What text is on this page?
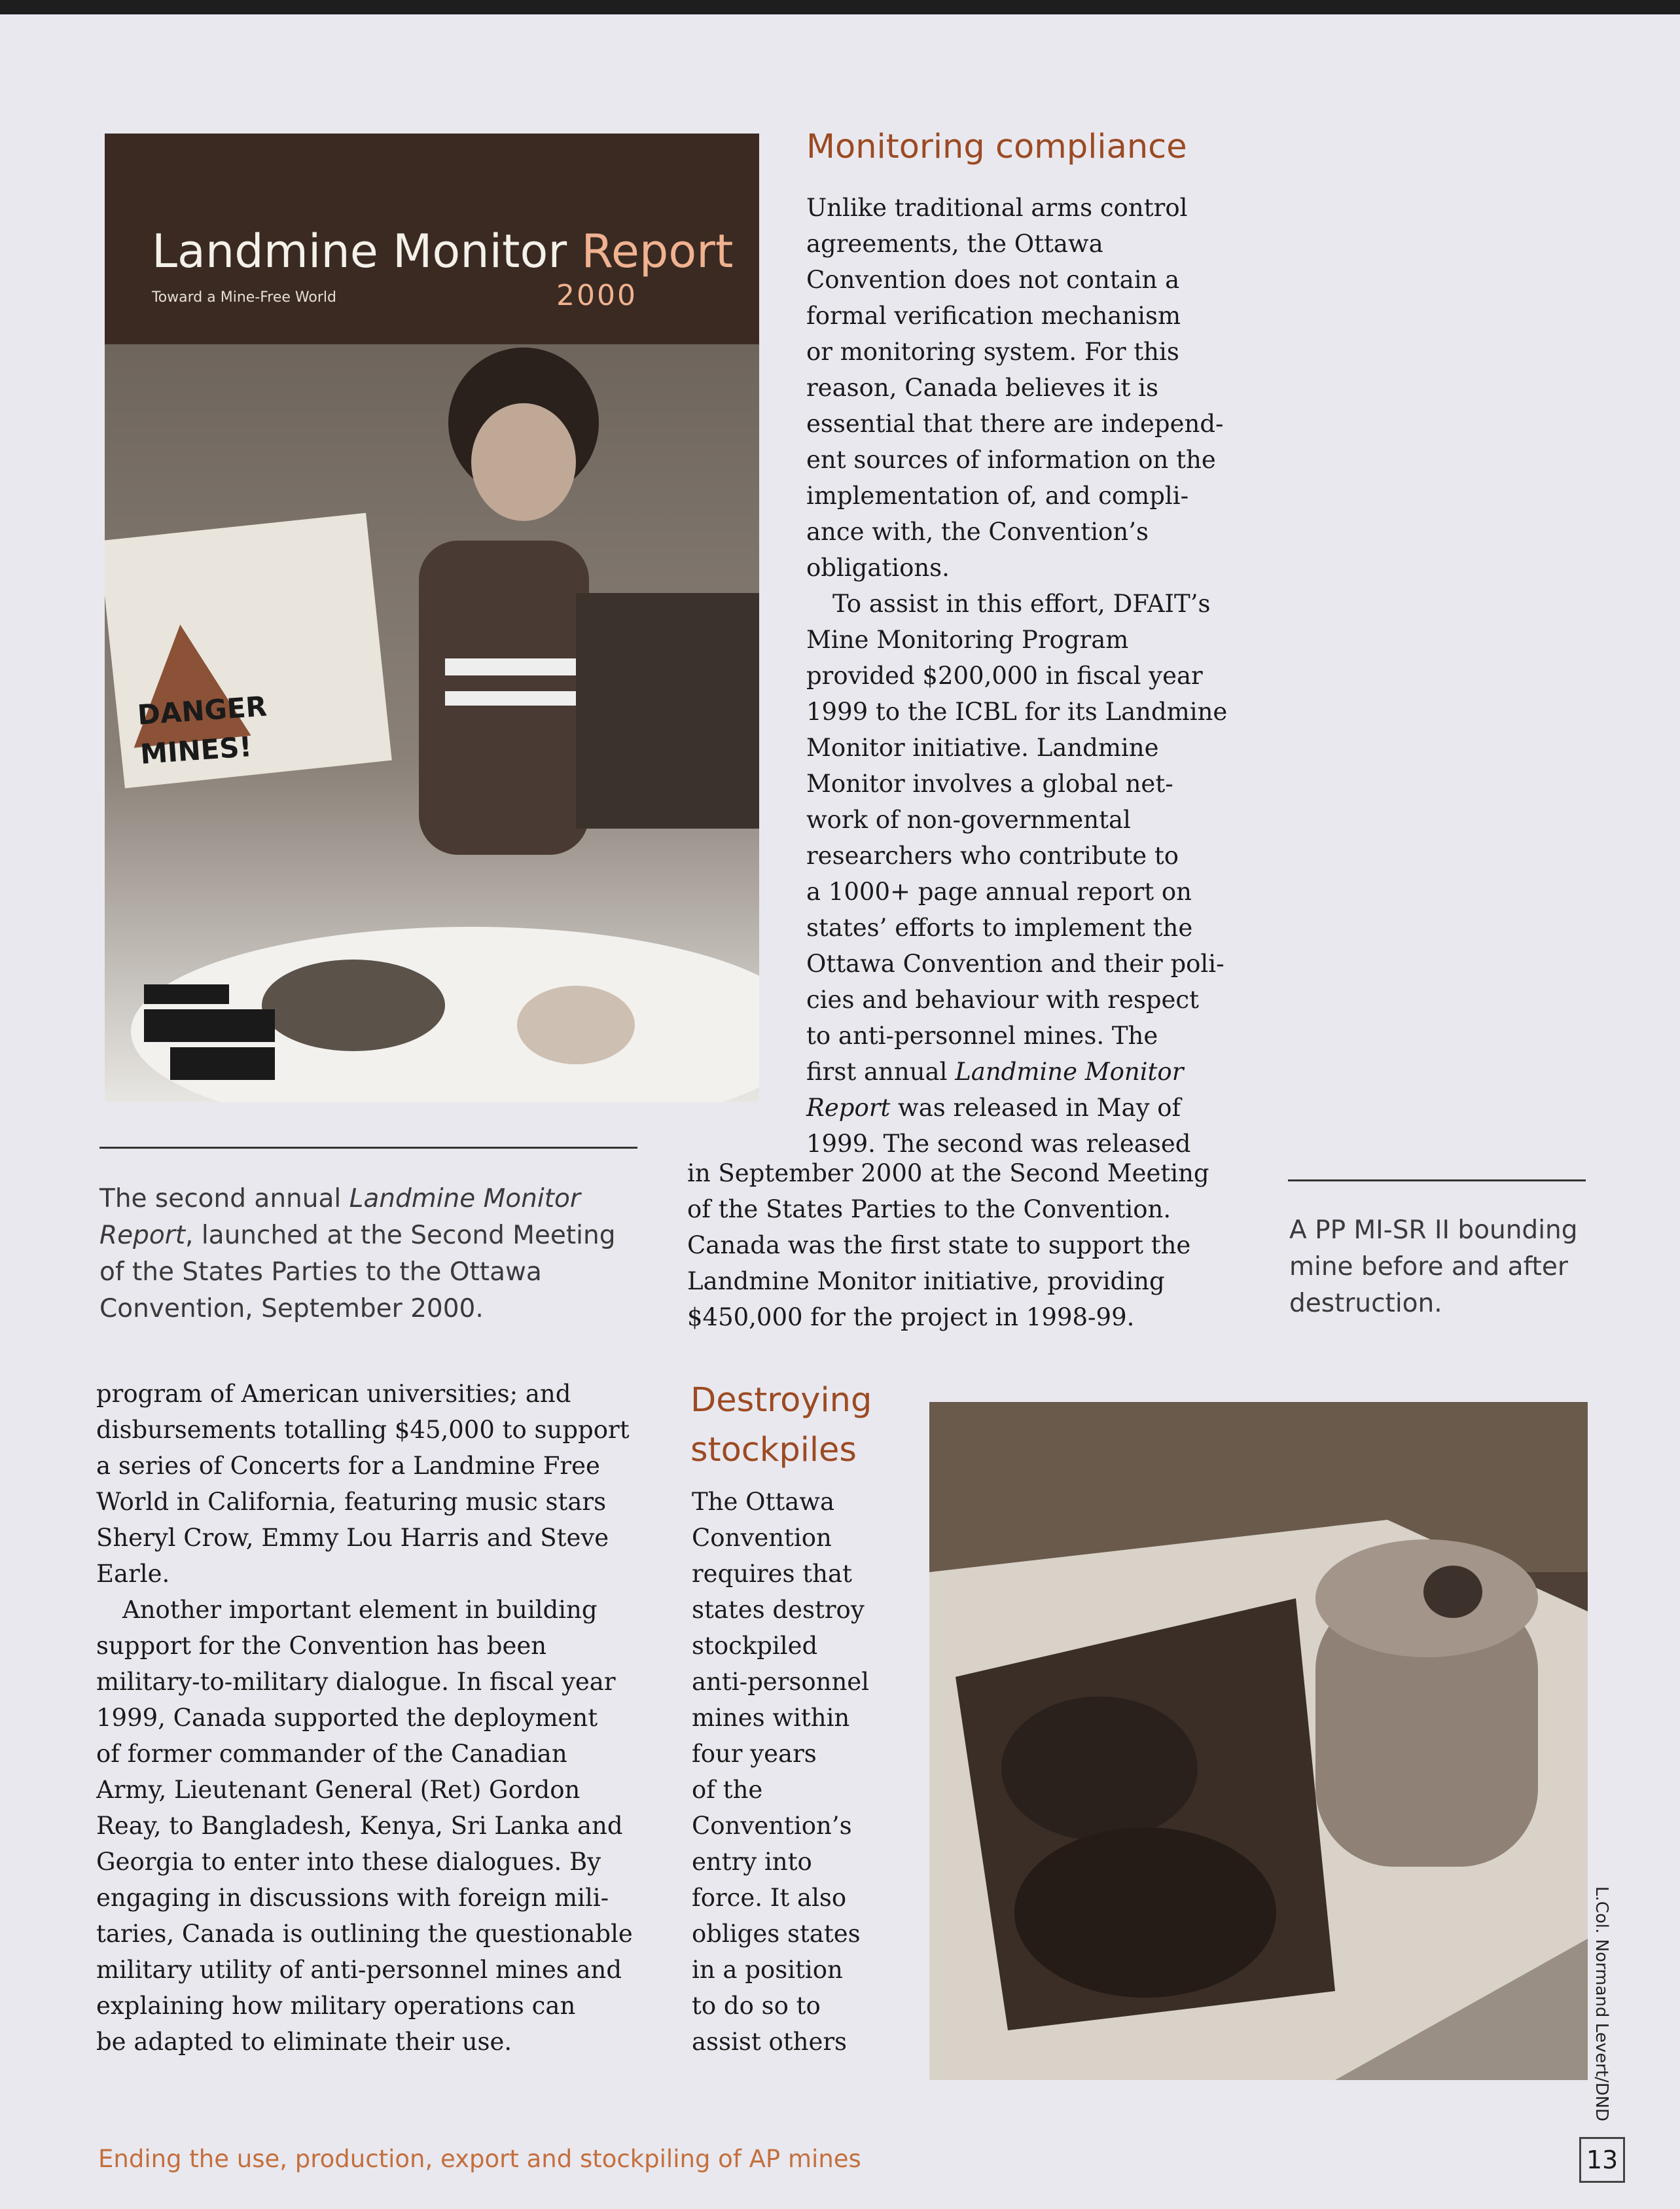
DANGER MINES!
Landmine Monitor Report
Toward a Mine-Free World	2000
The second annual Landmine Monitor Report, launched at the Second Meeting of the States Parties to the Ottawa Convention, September 2000.
Monitoring compliance
Unlike traditional arms control
agreements, the Ottawa
Convention does not contain a
formal verification mechanism
or monitoring system. For this
reason, Canada believes it is
essential that there are independ-
ent sources of information on the
implementation of, and compli-
ance with, the Convention’s
obligations.
To assist in this effort, DFAIT’s
Mine Monitoring Program
provided $200,000 in fiscal year
1999 to the ICBL for its Landmine
Monitor initiative. Landmine
Monitor involves a global net-
work of non-governmental
researchers who contribute to
a 1000+ page annual report on
states’ efforts to implement the
Ottawa Convention and their poli-
cies and behaviour with respect
to anti-personnel mines. The
first annual Landmine Monitor
Report was released in May of
1999. The second was released
in September 2000 at the Second Meeting
of the States Parties to the Convention.
Canada was the first state to support the
Landmine Monitor initiative, providing
$450,000 for the project in 1998-99.
A PP MI-SR II bounding mine before and after destruction.
program of American universities; and
disbursements totalling $45,000 to support
a series of Concerts for a Landmine Free
World in California, featuring music stars
Sheryl Crow, Emmy Lou Harris and Steve
Earle.
Another important element in building
support for the Convention has been
military-to-military dialogue. In fiscal year
1999, Canada supported the deployment
of former commander of the Canadian
Army, Lieutenant General (Ret) Gordon
Reay, to Bangladesh, Kenya, Sri Lanka and
Georgia to enter into these dialogues. By
engaging in discussions with foreign mili-
taries, Canada is outlining the questionable
military utility of anti-personnel mines and
explaining how military operations can
be adapted to eliminate their use.
Destroying
stockpiles
The Ottawa
Convention
requires that
states destroy
stockpiled
anti-personnel
mines within
four years
of the
Convention’s
entry into
force. It also
obliges states
in a position
to do so to
assist others	L.Col. Normand Levert/DND
Ending the use, production, export and stockpiling of AP mines	13
